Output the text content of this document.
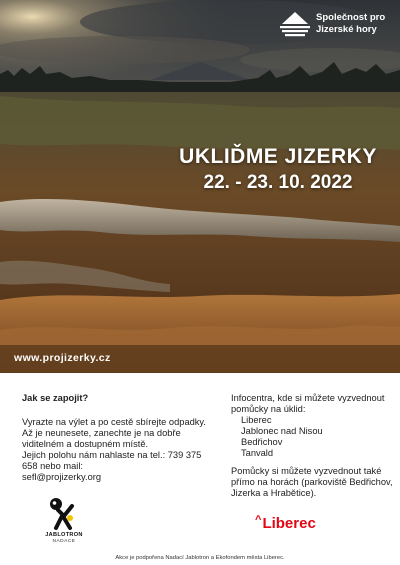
Společnost pro
Jizerské hory
UKLIĎME JIZERKY
22. - 23. 10. 2022
www.projizerky.cz
Jak se zapojit?
Vyrazte na výlet a po cestě sbírejte odpadky. Až je neunesete, zanechte je na dobře viditelném a dostupném místě.
Jejich polohu nám nahlaste na tel.: 739 375 658 nebo mail:
sefl@projizerky.org
Infocentra, kde si můžete vyzvednout pomůcky na úklid:
Liberec
Jablonec nad Nisou
Bedřichov
Tanvald
Pomůcky si můžete vyzvednout také přímo na horách (parkoviště Bedřichov, Jizerka a Hrabětice).
JABLOTRON
NADACE
^Liberec
Akce je podpořena Nadací Jablotron a Ekofondem města Liberec.
